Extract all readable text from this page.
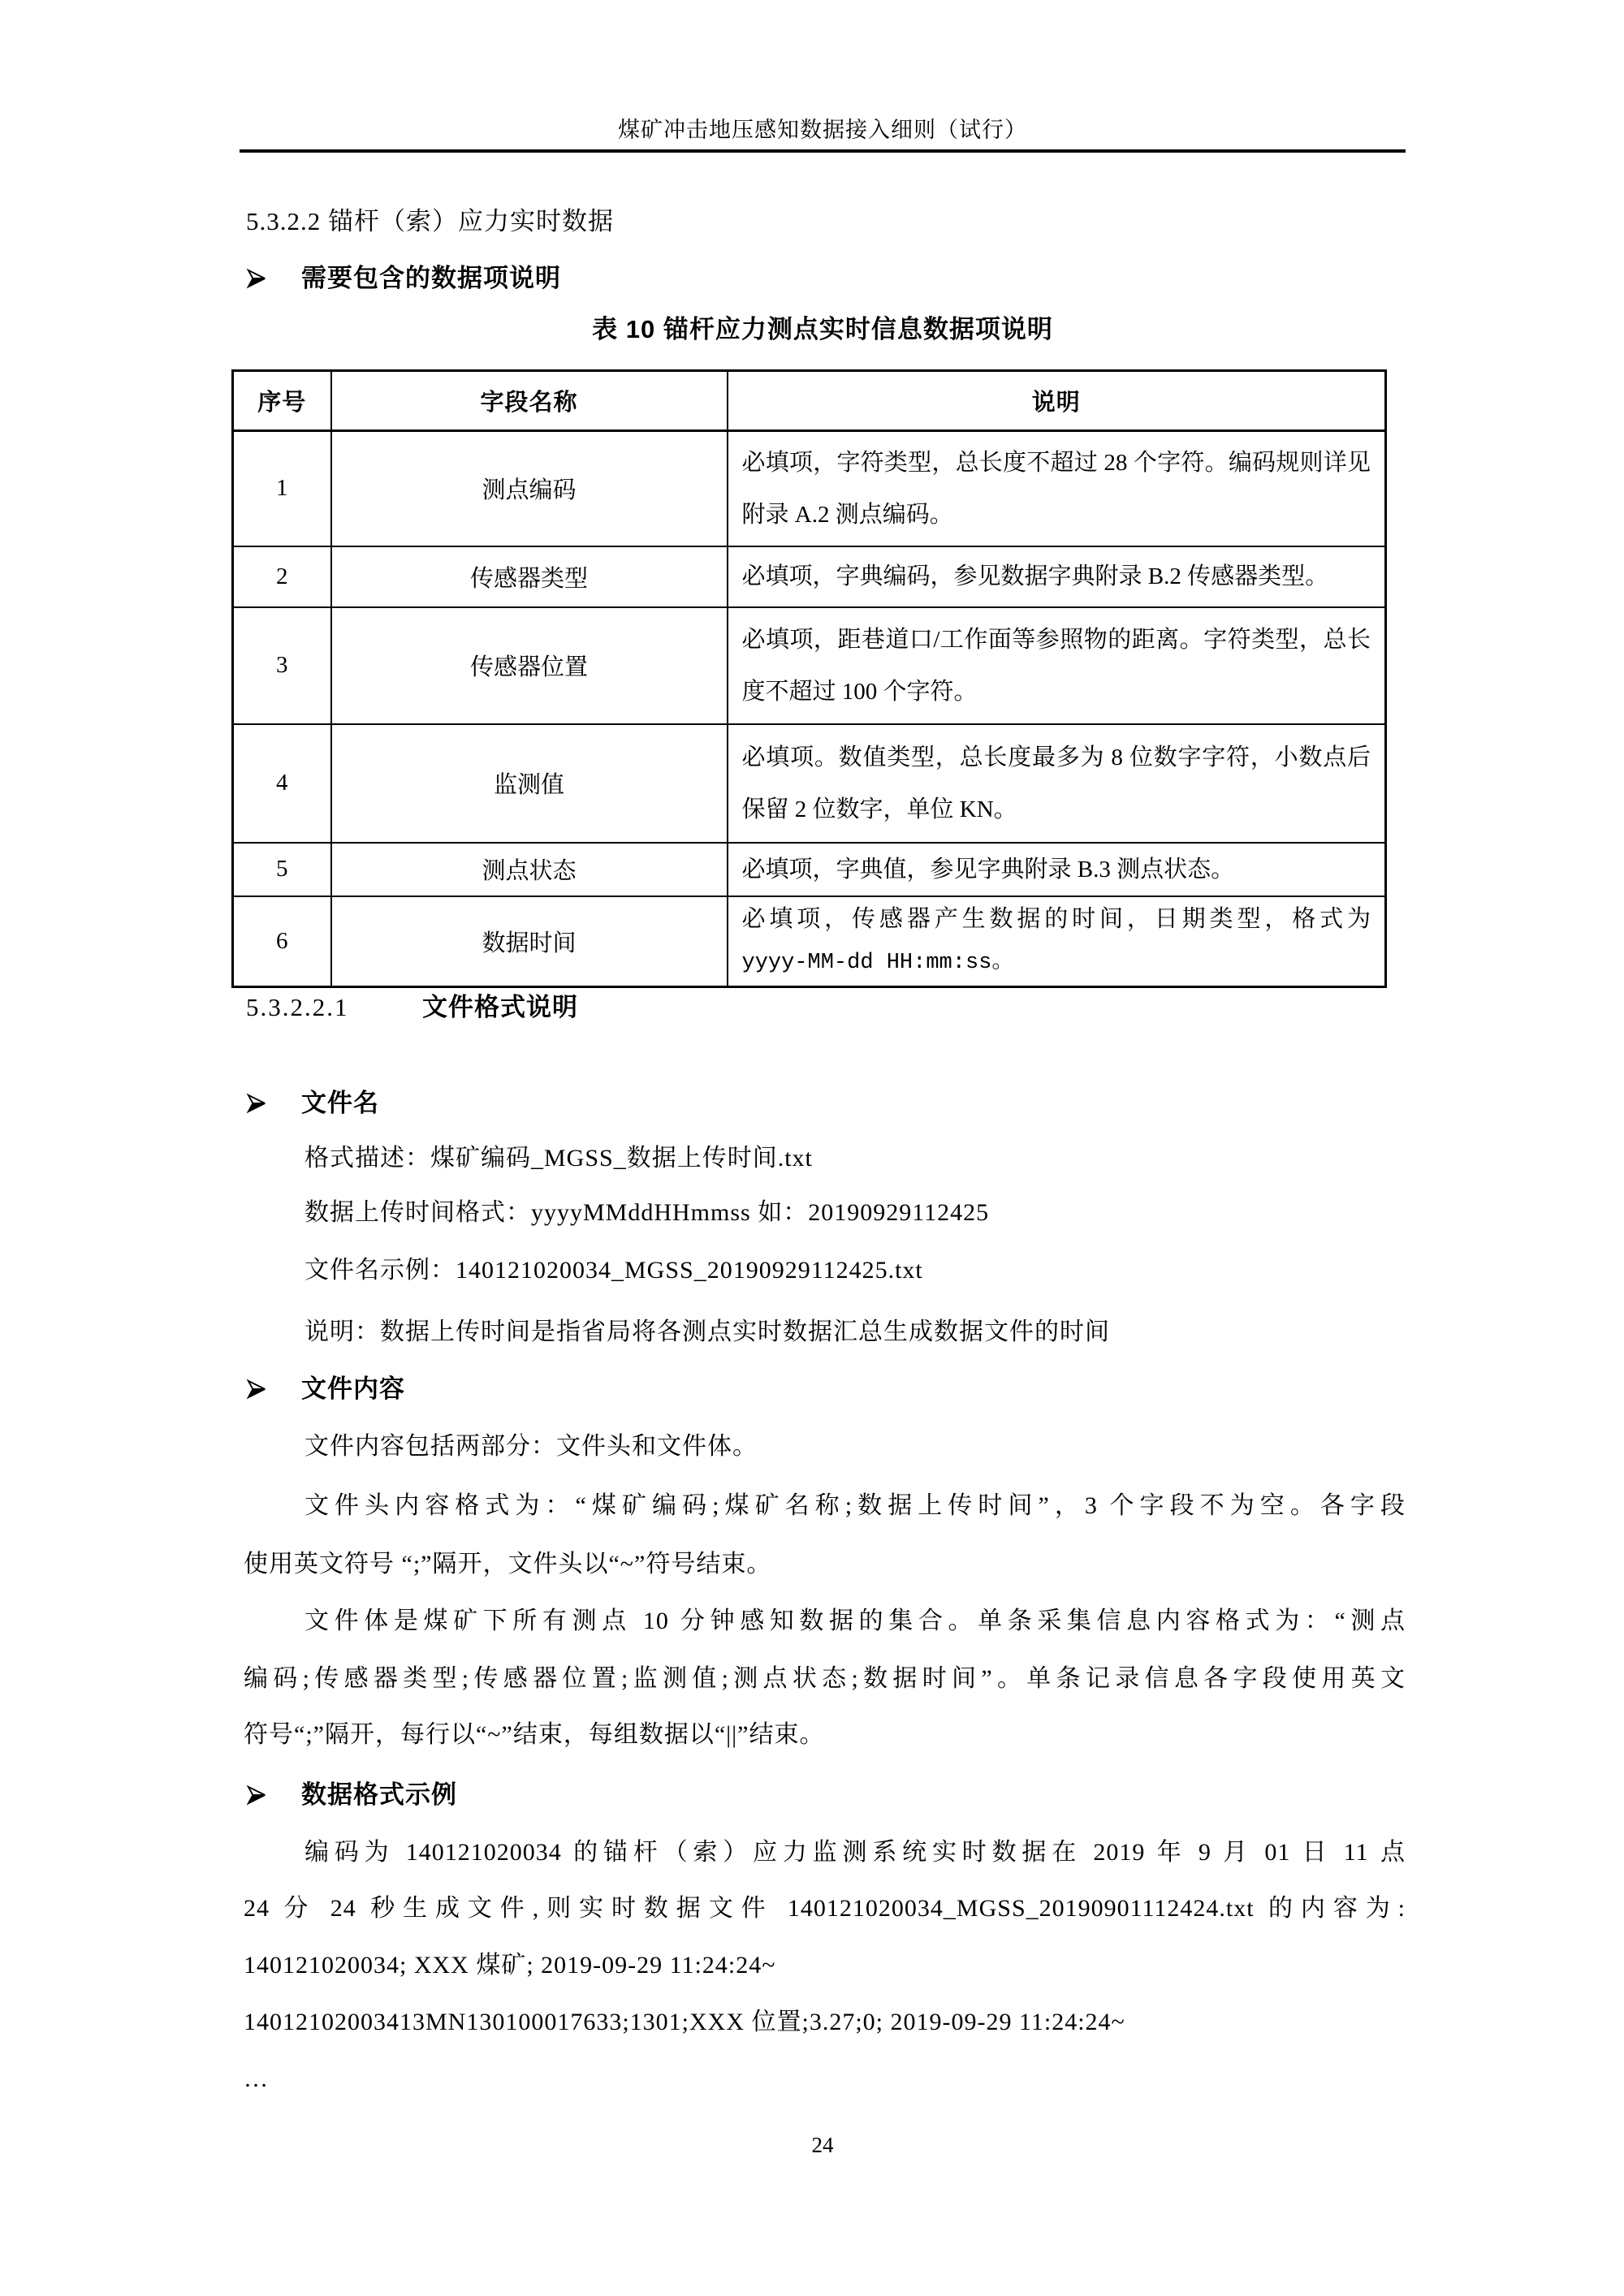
煤矿冲击地压感知数据接入细则（试行）
5.3.2.2 锚杆（索）应力实时数据
需要包含的数据项说明
表 10 锚杆应力测点实时信息数据项说明
序号	字段名称	说明
1	测点编码	必填项，字符类型，总长度不超过 28 个字符。编码规则详见附录 A.2 测点编码。
2	传感器类型	必填项，字典编码，参见数据字典附录 B.2 传感器类型。
3	传感器位置	必填项，距巷道口/工作面等参照物的距离。字符类型，总长度不超过 100 个字符。
4	监测值	必填项。数值类型，总长度最多为 8 位数字字符，小数点后保留 2 位数字，单位 KN。
5	测点状态	必填项，字典值，参见字典附录 B.3 测点状态。
6	数据时间	必填项，传感器产生数据的时间，日期类型，格式为
yyyy-MM-dd HH:mm:ss。
5.3.2.2.1	文件格式说明
文件名
格式描述：煤矿编码_MGSS_数据上传时间.txt
数据上传时间格式：yyyyMMddHHmmss 如：20190929112425
文件名示例：140121020034_MGSS_20190929112425.txt
说明：数据上传时间是指省局将各测点实时数据汇总生成数据文件的时间
文件内容
文件内容包括两部分：文件头和文件体。
文件头内容格式为：“煤矿编码;煤矿名称;数据上传时间”，3 个字段不为空。各字段
使用英文符号 “;”隔开，文件头以“~”符号结束。
文件体是煤矿下所有测点 10 分钟感知数据的集合。单条采集信息内容格式为：“测点
编码;传感器类型;传感器位置;监测值;测点状态;数据时间”。单条记录信息各字段使用英文
符号“;”隔开，每行以“~”结束，每组数据以“||”结束。
数据格式示例
编码为 140121020034 的锚杆（索）应力监测系统实时数据在 2019 年 9 月 01 日 11 点
24 分 24 秒生成文件,则实时数据文件 140121020034_MGSS_20190901112424.txt 的内容为:
140121020034; XXX 煤矿; 2019-09-29 11:24:24~
14012102003413MN130100017633;1301;XXX 位置;3.27;0; 2019-09-29 11:24:24~
…
24
